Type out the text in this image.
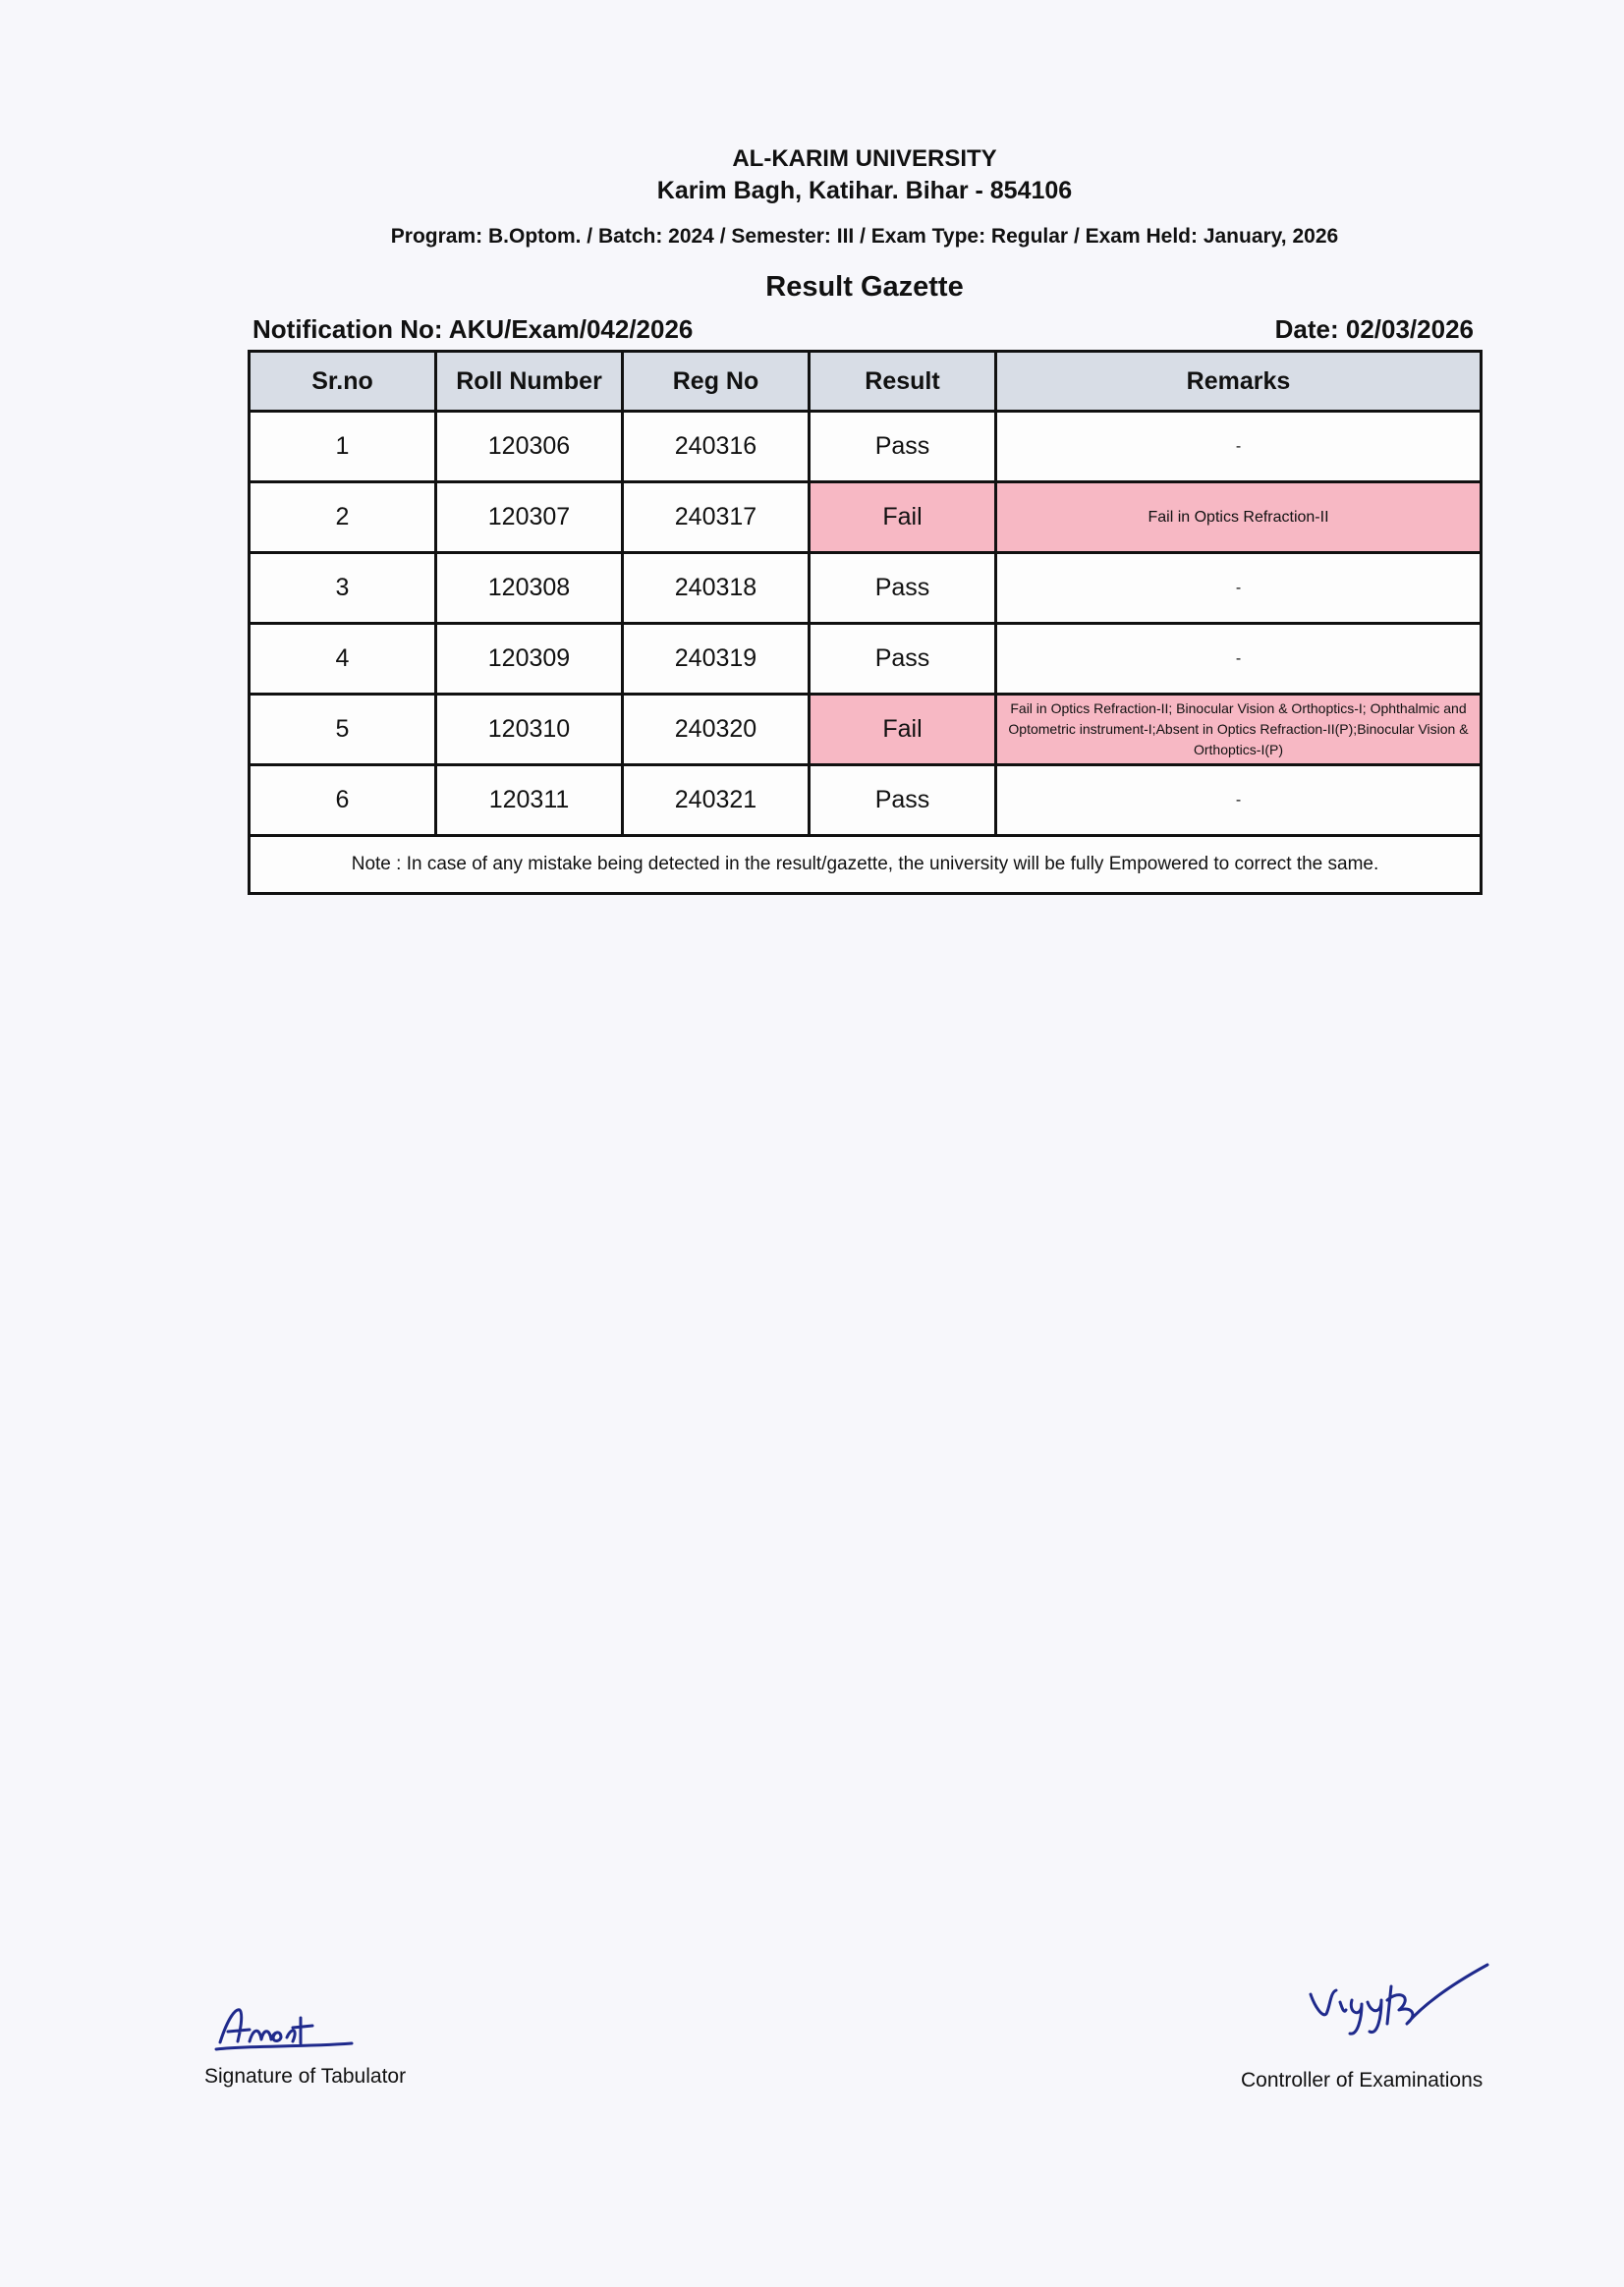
AL-KARIM UNIVERSITY
Karim Bagh, Katihar. Bihar - 854106
Program: B.Optom. / Batch: 2024 / Semester: III / Exam Type: Regular / Exam Held: January, 2026
Result Gazette
Notification No: AKU/Exam/042/2026	Date: 02/03/2026
Sr.no	Roll Number	Reg No	Result	Remarks
1	120306	240316	Pass	-
2	120307	240317	Fail	Fail in Optics Refraction-II
3	120308	240318	Pass	-
4	120309	240319	Pass	-
5	120310	240320	Fail	Fail in Optics Refraction-II; Binocular Vision & Orthoptics-I; Ophthalmic and Optometric instrument-I;Absent in Optics Refraction-II(P);Binocular Vision & Orthoptics-I(P)
6	120311	240321	Pass	-
Note : In case of any mistake being detected in the result/gazette, the university will be fully Empowered to correct the same.				
Signature of Tabulator	Controller of Examinations
